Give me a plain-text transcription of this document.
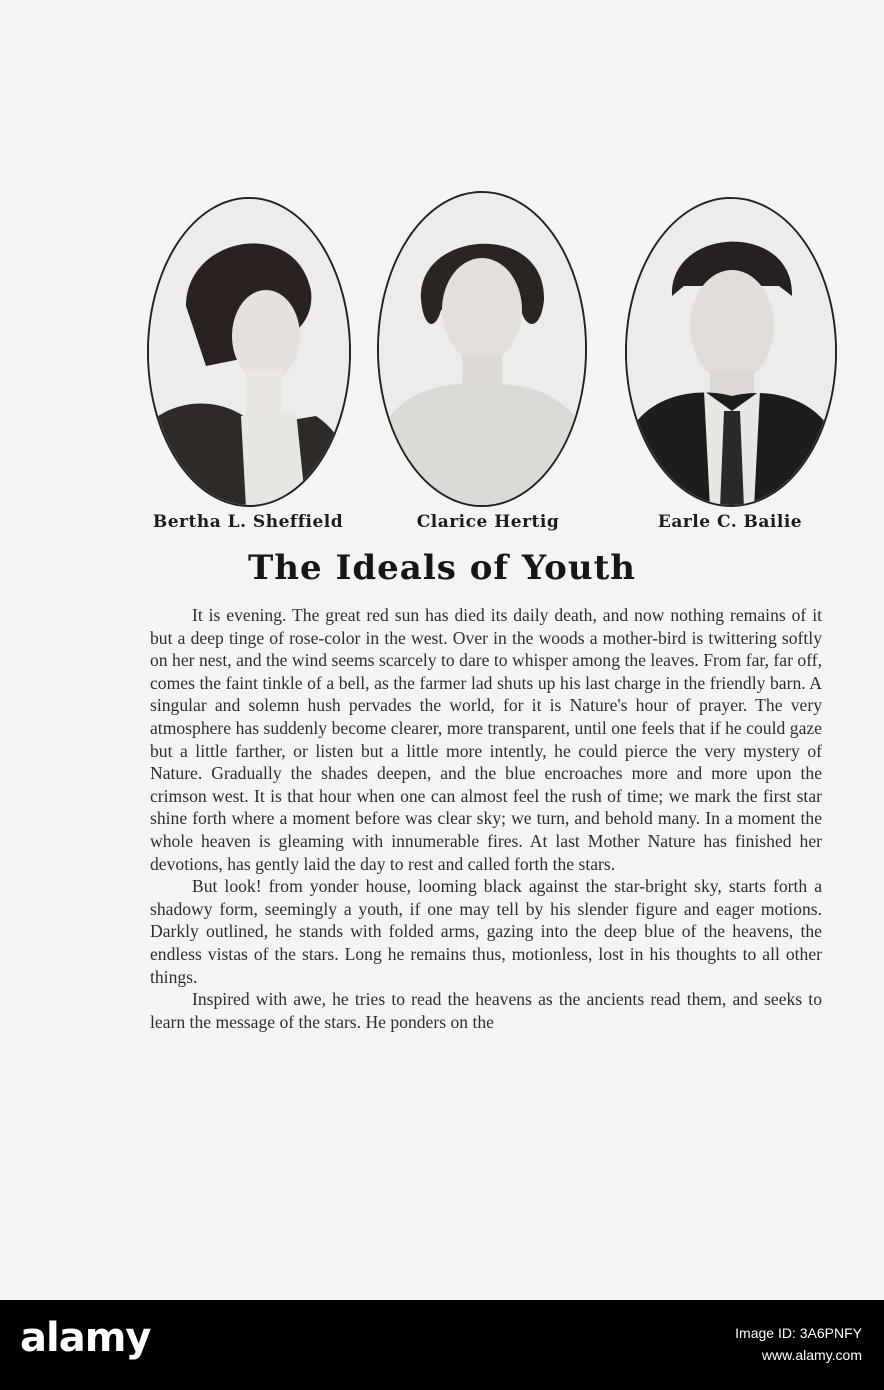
Bertha L. Sheffield	Clarice Hertig	Earle C. Bailie
The Ideals of Youth

It is evening. The great red sun has died its daily death, and now nothing remains of it but a deep tinge of rose-color in the west. Over in the woods a mother-bird is twittering softly on her nest, and the wind seems scarcely to dare to whisper among the leaves. From far, far off, comes the faint tinkle of a bell, as the farmer lad shuts up his last charge in the friendly barn. A singular and solemn hush pervades the world, for it is Nature's hour of prayer. The very atmosphere has suddenly become clearer, more transparent, until one feels that if he could gaze but a little farther, or listen but a little more intently, he could pierce the very mystery of Nature. Gradually the shades deepen, and the blue encroaches more and more upon the crimson west. It is that hour when one can almost feel the rush of time; we mark the first star shine forth where a moment before was clear sky; we turn, and behold many. In a moment the whole heaven is gleaming with innumerable fires. At last Mother Nature has finished her devotions, has gently laid the day to rest and called forth the stars.

But look! from yonder house, looming black against the star-bright sky, starts forth a shadowy form, seemingly a youth, if one may tell by his slender figure and eager motions. Darkly outlined, he stands with folded arms, gazing into the deep blue of the heavens, the endless vistas of the stars. Long he remains thus, motionless, lost in his thoughts to all other things.

Inspired with awe, he tries to read the heavens as the ancients read them, and seeks to learn the message of the stars. He ponders on the

alamy	Image ID: 3A6PNFY
www.alamy.com
